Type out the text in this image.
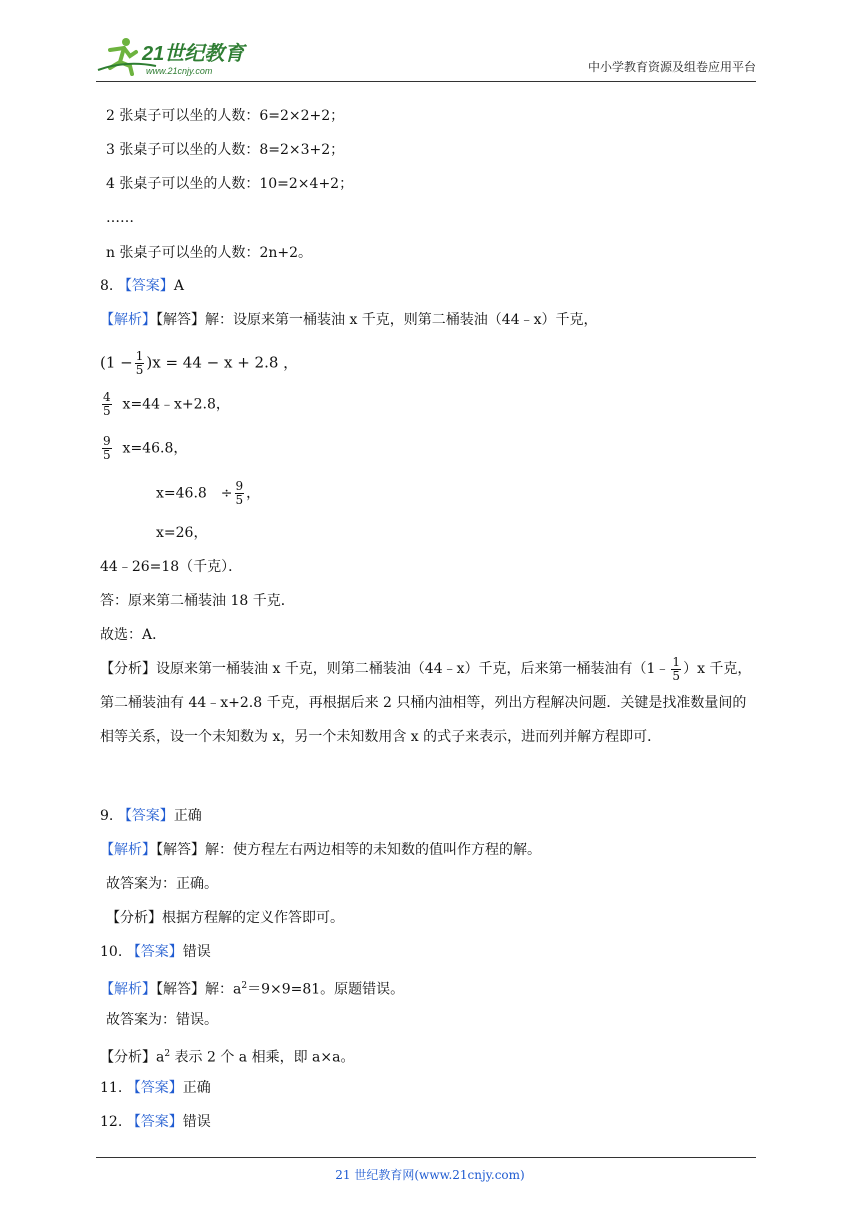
21世纪教育
www.21cnjy.com	中小学教育资源及组卷应用平台
2 张桌子可以坐的人数：6=2×2+2；
3 张桌子可以坐的人数：8=2×3+2；
4 张桌子可以坐的人数：10=2×4+2；
……
n 张桌子可以坐的人数：2n+2。
8. 【答案】A
【解析】【解答】解：设原来第一桶装油 x 千克，则第二桶装油（44﹣x）千克，
$(1 - \frac{1}{5} )x = 44 - x + 2.8$ ，
$\frac{4}{5}$ x=44﹣x+2.8，
$\frac{9}{5} x=46.8$，
x=46.8　÷ $\frac{9}{5}$ ，
x=26，
44﹣26=18（千克）．
答：原来第二桶装油 18 千克．
故选：A．
【分析】设原来第一桶装油 x 千克，则第二桶装油（44﹣x）千克，后来第一桶装油有（1﹣ $\frac{1}{5} )x$ 千克，第二桶装油有 44﹣x+2.8 千克，再根据后来 2 只桶内油相等，列出方程解决问题．关键是找准数量间的相等关系，设一个未知数为 x，另一个未知数用含 x 的式子来表示，进而列并解方程即可．
9. 【答案】正确
【解析】【解答】解：使方程左右两边相等的未知数的值叫作方程的解。
故答案为：正确。
【分析】根据方程解的定义作答即可。
10. 【答案】错误
【解析】【解答】解：$a^2=9\times 9=81$。原题错误。
故答案为：错误。
【分析】$a^2$ 表示 2 个 a 相乘，即 a×a。
11. 【答案】正确
12. 【答案】错误
21 世纪教育网(www.21cnjy.com)
